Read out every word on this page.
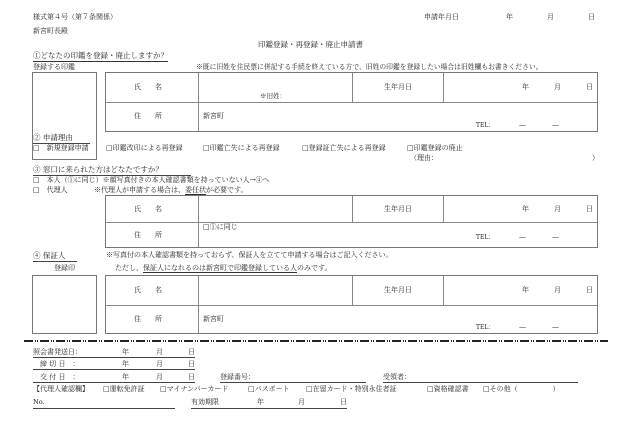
様式第４号（第７条関係）
新宮町長殿
申請年月日	年	月	日
印鑑登録・再登録・廃止申請書
①どなたの印鑑を登録・廃止しますか？
登録する印鑑	※既に旧姓を住民票に併記する手続を終えている方で、旧姓の印鑑を登録したい場合は旧姓欄もお書きください。
氏　　名
※旧姓：
生年月日	年	月	日
住　　所	新宮町
TEL：	—	—
② 申請理由
□　新規登録申請 □印鑑改印による再登録	□印鑑亡失による再登録	□登録証亡失による再登録	□印鑑登録の廃止
（理由：	）
③ 窓口に来られた方はどなたですか？
□　本人（①に同じ）※顔写真付きの本人確認書類を持っていない人→④へ
□　代理人	※代理人が申請する場合は、委任状が必要です。
氏　　名	生年月日	年	月	日
住　　所
□①に同じ
TEL：	—	—
④ 保証人
登録印
※写真付の本人確認書類を持っておらず、保証人を立てて申請する場合はご記入ください。
ただし、保証人になれるのは新宮町で印鑑登録している人のみです。
氏　　名	生年月日	年	月	日
住　　所	新宮町
TEL：	—	—
照会書発送日：	年	月	日
締 切 日　：	年	月	日
交 付 日　：	年	月	日	登録番号：	受領者：
【代理人確認欄】 □運転免許証 □マイナンバーカード	□パスポート □在留カード・特別永住者証	□資格確認書 □その他（　　　　　）
No.	有効期限	年	月	日
